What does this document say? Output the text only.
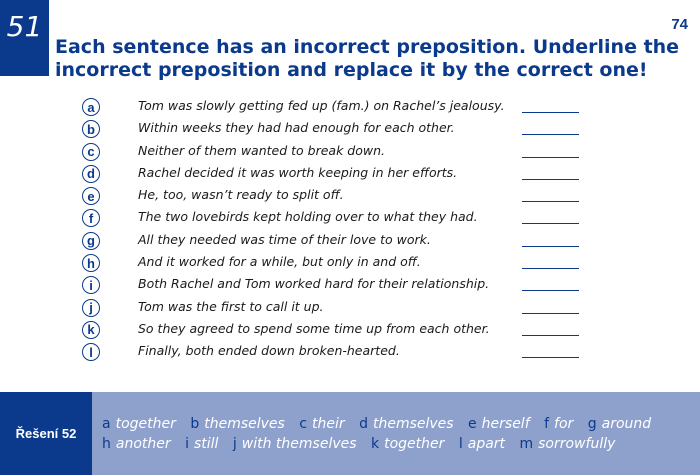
51	74
Each sentence has an incorrect preposition. Underline the
incorrect preposition and replace it by the correct one!
a	Tom was slowly getting fed up (fam.) on Rachel’s jealousy.
b	Within weeks they had had enough for each other.
c	Neither of them wanted to break down.
d	Rachel decided it was worth keeping in her efforts.
e	He, too, wasn’t ready to split off.
f	The two lovebirds kept holding over to what they had.
g	All they needed was time of their love to work.
h	And it worked for a while, but only in and off.
i	Both Rachel and Tom worked hard for their relationship.
j	Tom was the first to call it up.
k	So they agreed to spend some time up from each other.
l	Finally, both ended down broken-hearted.
Řešení 52
a together b themselves c their d themselves e herself f for g around
h another i still j with themselves k together l apart m sorrowfully
